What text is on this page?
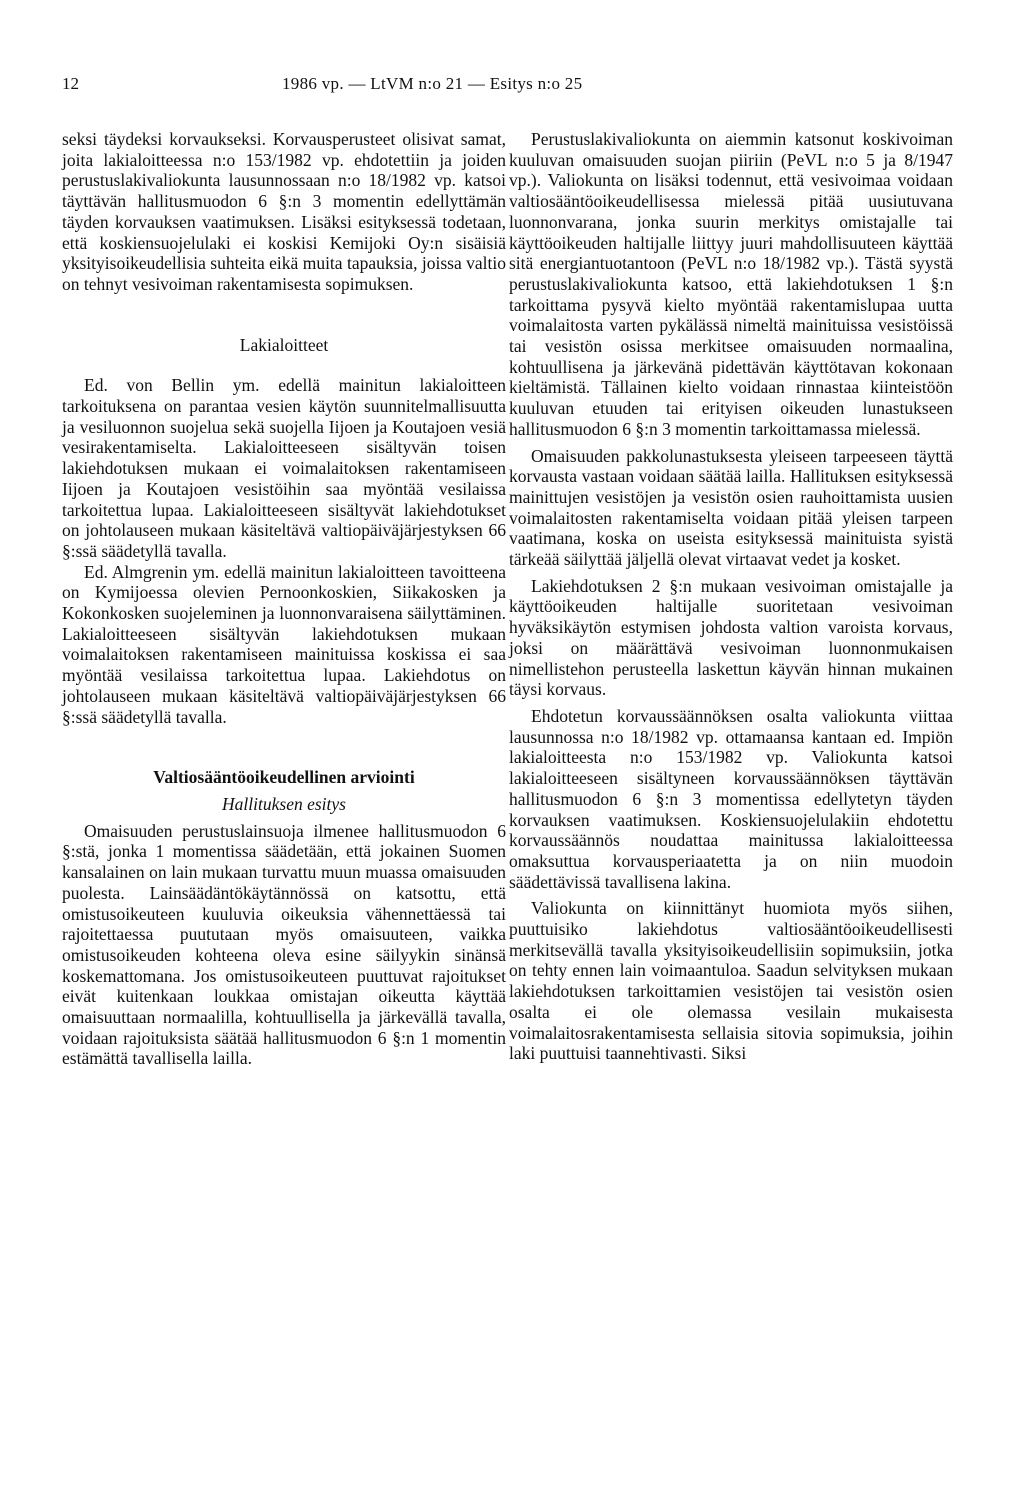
12	1986 vp. — LtVM n:o 21 — Esitys n:o 25

seksi täydeksi korvaukseksi. Korvausperusteet olisivat samat, joita lakialoitteessa n:o 153/1982 vp. ehdotettiin ja joiden perustuslakivaliokunta lausunnossaan n:o 18/1982 vp. katsoi täyttävän hallitusmuodon 6 §:n 3 momentin edellyttämän täyden korvauksen vaatimuksen. Lisäksi esityksessä todetaan, että koskiensuojelulaki ei koskisi Kemijoki Oy:n sisäisiä yksityisoikeudellisia suhteita eikä muita tapauksia, joissa valtio on tehnyt vesivoiman rakentamisesta sopimuksen.

Lakialoitteet

Ed. von Bellin ym. edellä mainitun lakialoitteen tarkoituksena on parantaa vesien käytön suunnitelmallisuutta ja vesiluonnon suojelua sekä suojella Iijoen ja Koutajoen vesiä vesirakentamiselta. Lakialoitteeseen sisältyvän toisen lakiehdotuksen mukaan ei voimalaitoksen rakentamiseen Iijoen ja Koutajoen vesistöihin saa myöntää vesilaissa tarkoitettua lupaa. Lakialoitteeseen sisältyvät lakiehdotukset on johtolauseen mukaan käsiteltävä valtiopäiväjärjestyksen 66 §:ssä säädetyllä tavalla.

Ed. Almgrenin ym. edellä mainitun lakialoitteen tavoitteena on Kymijoessa olevien Pernoonkoskien, Siikakosken ja Kokonkosken suojeleminen ja luonnonvaraisena säilyttäminen. Lakialoitteeseen sisältyvän lakiehdotuksen mukaan voimalaitoksen rakentamiseen mainituissa koskissa ei saa myöntää vesilaissa tarkoitettua lupaa. Lakiehdotus on johtolauseen mukaan käsiteltävä valtiopäiväjärjestyksen 66 §:ssä säädetyllä tavalla.

Valtiosääntöoikeudellinen arviointi
Hallituksen esitys

Omaisuuden perustuslainsuoja ilmenee hallitusmuodon 6 §:stä, jonka 1 momentissa säädetään, että jokainen Suomen kansalainen on lain mukaan turvattu muun muassa omaisuuden puolesta. Lainsäädäntökäytännössä on katsottu, että omistusoikeuteen kuuluvia oikeuksia vähennettäessä tai rajoitettaessa puututaan myös omaisuuteen, vaikka omistusoikeuden kohteena oleva esine säilyykin sinänsä koskemattomana. Jos omistusoikeuteen puuttuvat rajoitukset eivät kuitenkaan loukkaa omistajan oikeutta käyttää omaisuuttaan normaalilla, kohtuullisella ja järkevällä tavalla, voidaan rajoituksista säätää hallitusmuodon 6 §:n 1 momentin estämättä tavallisella lailla.

Perustuslakivaliokunta on aiemmin katsonut koskivoiman kuuluvan omaisuuden suojan piiriin (PeVL n:o 5 ja 8/1947 vp.). Valiokunta on lisäksi todennut, että vesivoimaa voidaan valtiosääntöoikeudellisessa mielessä pitää uusiutuvana luonnonvarana, jonka suurin merkitys omistajalle tai käyttöoikeuden haltijalle liittyy juuri mahdollisuuteen käyttää sitä energiantuotantoon (PeVL n:o 18/1982 vp.). Tästä syystä perustuslakivaliokunta katsoo, että lakiehdotuksen 1 §:n tarkoittama pysyvä kielto myöntää rakentamislupaa uutta voimalaitosta varten pykälässä nimeltä mainituissa vesistöissä tai vesistön osissa merkitsee omaisuuden normaalina, kohtuullisena ja järkevänä pidettävän käyttötavan kokonaan kieltämistä. Tällainen kielto voidaan rinnastaa kiinteistöön kuuluvan etuuden tai erityisen oikeuden lunastukseen hallitusmuodon 6 §:n 3 momentin tarkoittamassa mielessä.

Omaisuuden pakkolunastuksesta yleiseen tarpeeseen täyttä korvausta vastaan voidaan säätää lailla. Hallituksen esityksessä mainittujen vesistöjen ja vesistön osien rauhoittamista uusien voimalaitosten rakentamiselta voidaan pitää yleisen tarpeen vaatimana, koska on useista esityksessä mainituista syistä tärkeää säilyttää jäljellä olevat virtaavat vedet ja kosket.

Lakiehdotuksen 2 §:n mukaan vesivoiman omistajalle ja käyttöoikeuden haltijalle suoritetaan vesivoiman hyväksikäytön estymisen johdosta valtion varoista korvaus, joksi on määrättävä vesivoiman luonnonmukaisen nimellistehon perusteella laskettun käyvän hinnan mukainen täysi korvaus.

Ehdotetun korvaussäännöksen osalta valiokunta viittaa lausunnossa n:o 18/1982 vp. ottamaansa kantaan ed. Impiön lakialoitteesta n:o 153/1982 vp. Valiokunta katsoi lakialoitteeseen sisältyneen korvaussäännöksen täyttävän hallitusmuodon 6 §:n 3 momentissa edellytetyn täyden korvauksen vaatimuksen. Koskiensuojelulakiin ehdotettu korvaussäännös noudattaa mainitussa lakialoitteessa omaksuttua korvausperiaatetta ja on niin muodoin säädettävissä tavallisena lakina.

Valiokunta on kiinnittänyt huomiota myös siihen, puuttuisiko lakiehdotus valtiosääntöoikeudellisesti merkitsevällä tavalla yksityisoikeudellisiin sopimuksiin, jotka on tehty ennen lain voimaantuloa. Saadun selvityksen mukaan lakiehdotuksen tarkoittamien vesistöjen tai vesistön osien osalta ei ole olemassa vesilain mukaisesta voimalaitosrakentamisesta sellaisia sitovia sopimuksia, joihin laki puuttuisi taannehtivasti. Siksi
